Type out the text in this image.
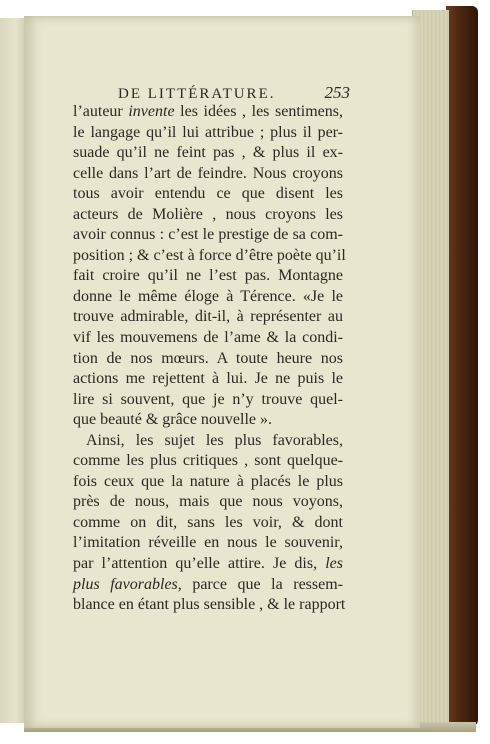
DE LITTÉRATURE.	253
l’auteur invente les idées , les sentimens,
le langage qu’il lui attribue ; plus il per-
suade qu’il ne feint pas , & plus il ex-
celle dans l’art de feindre. Nous croyons
tous avoir entendu ce que disent les
acteurs de Molière , nous croyons les
avoir connus : c’est le prestige de sa com-
position ; & c’est à force d’être poète qu’il
fait croire qu’il ne l’est pas. Montagne
donne le même éloge à Térence. «Je le
trouve admirable, dit-il, à représenter au
vif les mouvemens de l’ame & la condi-
tion de nos mœurs. A toute heure nos
actions me rejettent à lui. Je ne puis le
lire si souvent, que je n’y trouve quel-
que beauté & grâce nouvelle ».
Ainsi, les sujet les plus favorables,
comme les plus critiques , sont quelque-
fois ceux que la nature à placés le plus
près de nous, mais que nous voyons,
comme on dit, sans les voir, & dont
l’imitation réveille en nous le souvenir,
par l’attention qu’elle attire. Je dis, les
plus favorables, parce que la ressem-
blance en étant plus sensible , & le rapport
